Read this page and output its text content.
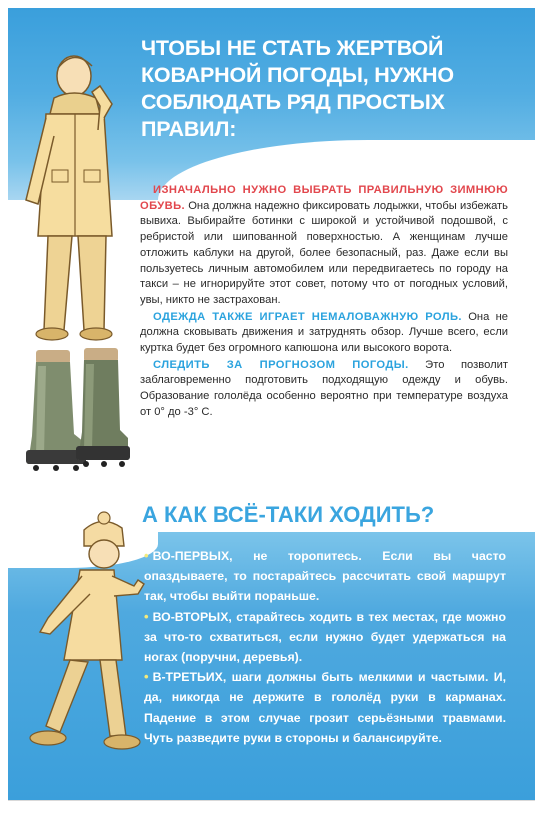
ЧТОБЫ НЕ СТАТЬ ЖЕРТВОЙ
КОВАРНОЙ ПОГОДЫ, НУЖНО
СОБЛЮДАТЬ РЯД ПРОСТЫХ
ПРАВИЛ:

ИЗНАЧАЛЬНО НУЖНО ВЫБРАТЬ ПРАВИЛЬНУЮ ЗИМНЮЮ ОБУВЬ. Она должна надежно фиксировать лодыжки, чтобы избежать вывиха. Выбирайте ботинки с широкой и устойчивой подошвой, с ребристой или шипованной поверхностью. А женщинам лучше отложить каблуки на другой, более безопасный, раз. Даже если вы пользуетесь личным автомобилем или передвигаетесь по городу на такси – не игнорируйте этот совет, потому что от погодных условий, увы, никто не застрахован.

ОДЕЖДА ТАКЖЕ ИГРАЕТ НЕМАЛОВАЖНУЮ РОЛЬ. Она не должна сковывать движения и затруднять обзор. Лучше всего, если куртка будет без огромного капюшона или высокого ворота.

СЛЕДИТЬ ЗА ПРОГНОЗОМ ПОГОДЫ. Это позволит заблаговременно подготовить подходящую одежду и обувь. Образование гололёда особенно вероятно при температуре воздуха от 0° до -3° С.

А КАК ВСЁ-ТАКИ ХОДИТЬ?

• ВО-ПЕРВЫХ, не торопитесь. Если вы часто опаздываете, то постарайтесь рассчитать свой маршрут так, чтобы выйти пораньше.

• ВО-ВТОРЫХ, старайтесь ходить в тех местах, где можно за что-то схватиться, если нужно будет удержаться на ногах (поручни, деревья).

• В-ТРЕТЬИХ, шаги должны быть мелкими и частыми. И, да, никогда не держите в гололёд руки в карманах. Падение в этом случае грозит серьёзными травмами. Чуть разведите руки в стороны и балансируйте.
